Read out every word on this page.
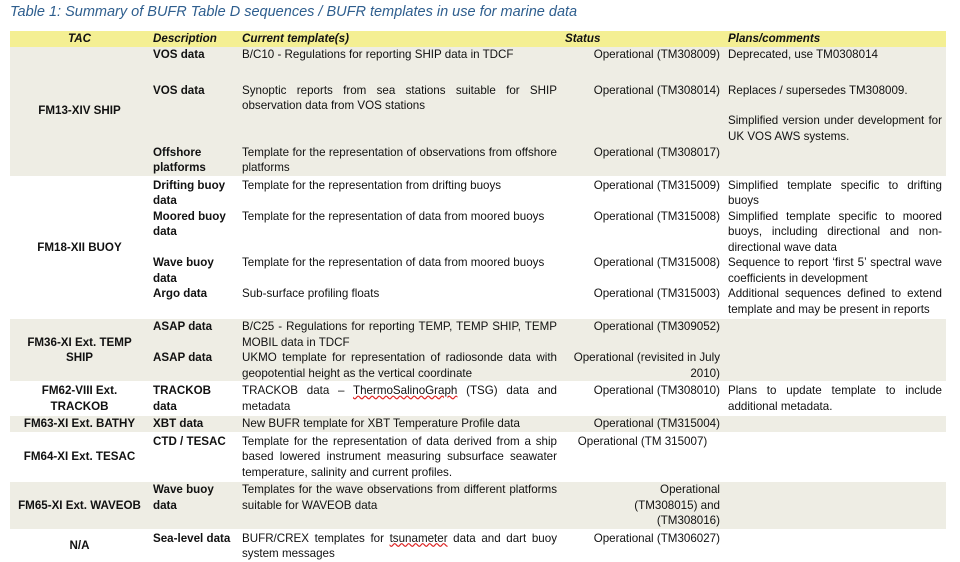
Table 1: Summary of BUFR Table D sequences / BUFR templates in use for marine data
TAC	Description	Current template(s)	Status	Plans/comments
FM13-XIV SHIP	VOS data	B/C10 - Regulations for reporting SHIP data in TDCF	Operational (TM308009)	Deprecated, use TM0308014
	VOS data	Synoptic reports from sea stations suitable for SHIP observation data from VOS stations	Operational (TM308014)	Replaces / supersedes TM308009.
Simplified version under development for UK VOS AWS systems.

	Offshore platforms	Template for the representation of observations from offshore platforms	Operational (TM308017)	
FM18-XII BUOY	Drifting buoy data	Template for the representation from drifting buoys	Operational (TM315009)	Simplified template specific to drifting buoys
	Moored buoy data	Template for the representation of data from moored buoys	Operational (TM315008)	Simplified template specific to moored buoys, including directional and non-directional wave data
	Wave buoy data	Template for the representation of data from moored buoys	Operational (TM315008)	Sequence to report ‘first 5’ spectral wave coefficients in development
	Argo data	Sub-surface profiling floats	Operational (TM315003)	Additional sequences defined to extend template and may be present in reports
FM36-XI Ext. TEMP SHIP	ASAP data	B/C25 - Regulations for reporting TEMP, TEMP SHIP, TEMP MOBIL data in TDCF	Operational (TM309052)	
	ASAP data	UKMO template for representation of radiosonde data with geopotential height as the vertical coordinate	Operational (revisited in July 2010)	
FM62-VIII Ext. TRACKOB	TRACKOB data	TRACKOB data – ThermoSalinoGraph (TSG) data and metadata	Operational (TM308010)	Plans to update template to include additional metadata.
FM63-XI Ext. BATHY	XBT data	New BUFR template for XBT Temperature Profile data	Operational (TM315004)	
FM64-XI Ext. TESAC	CTD / TESAC	Template for the representation of data derived from a ship based lowered instrument measuring subsurface seawater temperature, salinity and current profiles.	Operational (TM 315007)	
FM65-XI Ext. WAVEOB	Wave buoy data	Templates for the wave observations from different platforms suitable for WAVEOB data	Operational (TM308015) and (TM308016)	
N/A	Sea-level data	BUFR/CREX templates for tsunameter data and dart buoy system messages	Operational (TM306027)	
